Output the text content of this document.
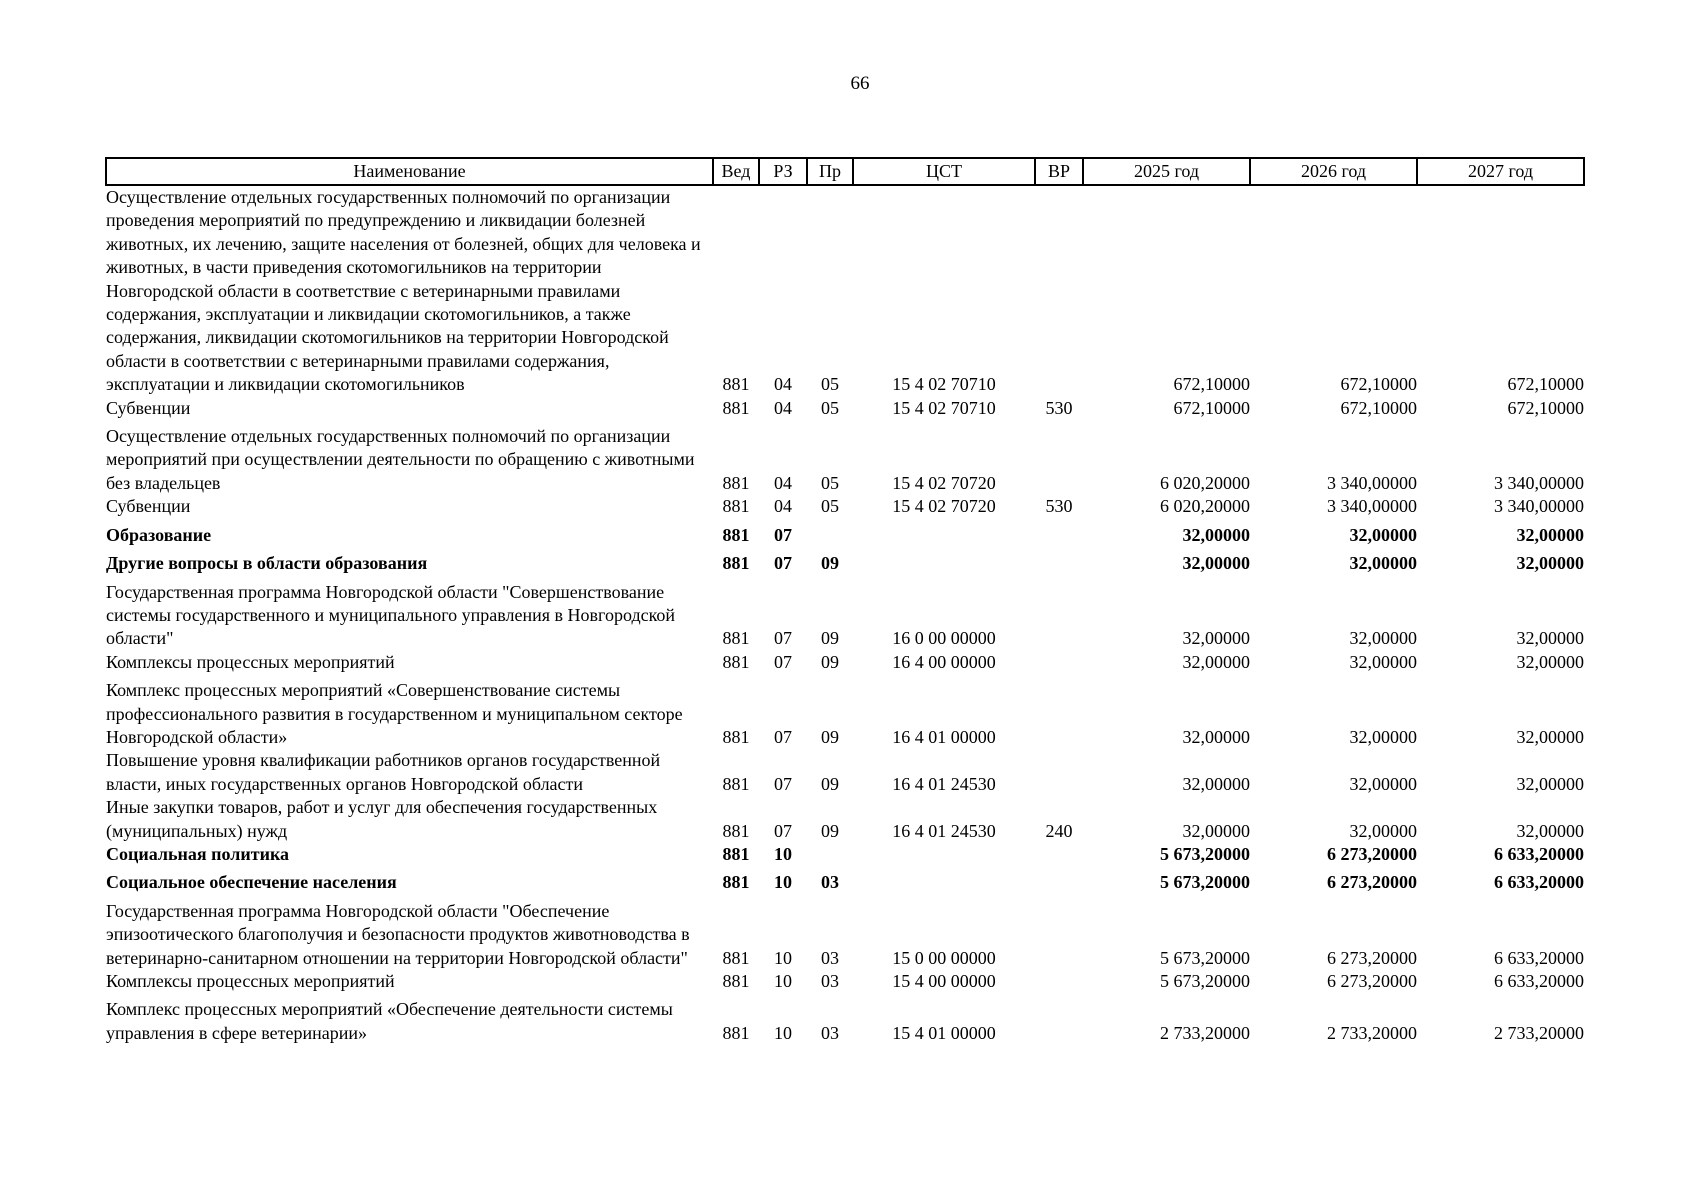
66
Наименование	Вед	РЗ	Пр	ЦСТ	ВР	2025 год	2026 год	2027 год
Осуществление отдельных государственных полномочий по организации проведения мероприятий по предупреждению и ликвидации болезней животных, их лечению, защите населения от болезней, общих для человека и животных, в части приведения скотомогильников на территории Новгородской области в соответствие с ветеринарными правилами содержания, эксплуатации и ликвидации скотомогильников, а также содержания, ликвидации скотомогильников на территории Новгородской области в соответствии с ветеринарными правилами содержания, эксплуатации и ликвидации скотомогильников	881	04	05	15 4 02 70710		672,10000	672,10000	672,10000
Субвенции	881	04	05	15 4 02 70710	530	672,10000	672,10000	672,10000
Осуществление отдельных государственных полномочий по организации мероприятий при осуществлении деятельности по обращению с животными без владельцев	881	04	05	15 4 02 70720		6 020,20000	3 340,00000	3 340,00000
Субвенции	881	04	05	15 4 02 70720	530	6 020,20000	3 340,00000	3 340,00000
Образование	881	07				32,00000	32,00000	32,00000
Другие вопросы в области образования	881	07	09			32,00000	32,00000	32,00000
Государственная программа Новгородской области "Совершенствование системы государственного и муниципального управления в Новгородской области"	881	07	09	16 0 00 00000		32,00000	32,00000	32,00000
Комплексы процессных мероприятий	881	07	09	16 4 00 00000		32,00000	32,00000	32,00000
Комплекс процессных мероприятий «Совершенствование системы профессионального развития в государственном и муниципальном секторе Новгородской области»	881	07	09	16 4 01 00000		32,00000	32,00000	32,00000
Повышение уровня квалификации работников органов государственной власти, иных государственных органов Новгородской области	881	07	09	16 4 01 24530		32,00000	32,00000	32,00000
Иные закупки товаров, работ и услуг для обеспечения государственных (муниципальных) нужд	881	07	09	16 4 01 24530	240	32,00000	32,00000	32,00000
Социальная политика	881	10				5 673,20000	6 273,20000	6 633,20000
Социальное обеспечение населения	881	10	03			5 673,20000	6 273,20000	6 633,20000
Государственная программа Новгородской области "Обеспечение эпизоотического благополучия и безопасности продуктов животноводства в ветеринарно-санитарном отношении на территории Новгородской области"	881	10	03	15 0 00 00000		5 673,20000	6 273,20000	6 633,20000
Комплексы процессных мероприятий	881	10	03	15 4 00 00000		5 673,20000	6 273,20000	6 633,20000
Комплекс процессных мероприятий «Обеспечение деятельности системы управления в сфере ветеринарии»	881	10	03	15 4 01 00000		2 733,20000	2 733,20000	2 733,20000
